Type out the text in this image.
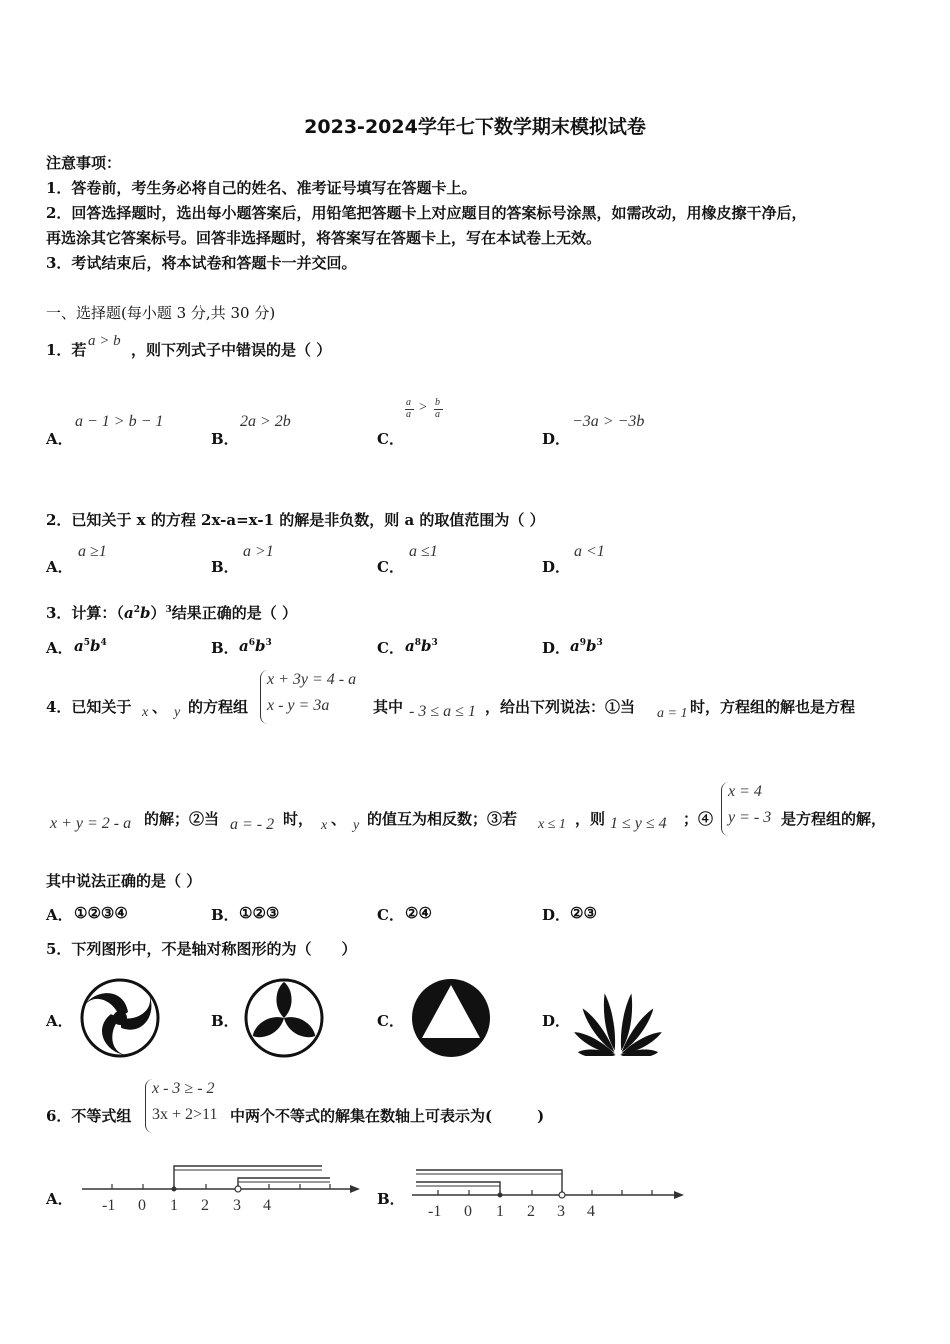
2023-2024学年七下数学期末模拟试卷
注意事项：
1．答卷前，考生务必将自己的姓名、准考证号填写在答题卡上。
2．回答选择题时，选出每小题答案后，用铅笔把答题卡上对应题目的答案标号涂黑，如需改动，用橡皮擦干净后，
再选涂其它答案标号。回答非选择题时，将答案写在答题卡上，写在本试卷上无效。
3．考试结束后，将本试卷和答题卡一并交回。
一、选择题(每小题 3 分,共 30 分)
1．若 a > b ，则下列式子中错误的是（ ）
A．
a − 1 > b − 1
B．
2a > 2b
C．
a
a > b
a
D．
−3a > −3b
2．已知关于 x 的方程 2x-a=x-1 的解是非负数，则 a 的取值范围为（ ）
A．
a ≥1
B．
a >1
C．
a ≤1
D．
a <1
3．计算：$(a^2b)^3$结果正确的是（ ）
A． $a^5b^4$	B． $a^6b^3$	C． $a^8b^3$	D． $a^9b^3$
4．已知关于 x 、 y 的方程组
x + 3y = 4 - a
x - y = 3a	其中 - 3 ≤ a ≤ 1 ，给出下列说法：①当 a = 1 时，方程组的解也是方程
x + y = 2 - a 的解；②当 a = - 2 时， x 、 y 的值互为相反数；③若 x ≤ 1 ，则 1 ≤ y ≤ 4 ；④
x = 4
y = - 3 是方程组的解，
其中说法正确的是（ ）
A． ①②③④	B． ①②③	C． ②④	D． ②③
5．下列图形中，不是轴对称图形的为（　　）
A．	B．	C．	D．
6．不等式组
x - 3 ≥ - 2
3x + 2>11 中两个不等式的解集在数轴上可表示为(　　　)
A． -1 0 1 2 3 4	B．
-1 0 1 2 3 4
